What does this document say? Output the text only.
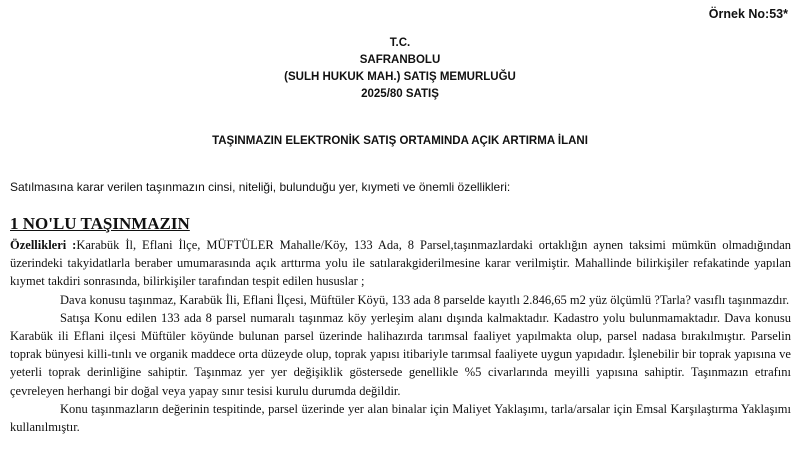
Örnek No:53*
T.C.
SAFRANBOLU
(SULH HUKUK MAH.) SATIŞ MEMURLUĞU
2025/80 SATIŞ
TAŞINMAZIN ELEKTRONİK SATIŞ ORTAMINDA AÇIK ARTIRMA İLANI
Satılmasına karar verilen taşınmazın cinsi, niteliği, bulunduğu yer, kıymeti ve önemli özellikleri:
1 NO'LU TAŞINMAZIN

Özellikleri :Karabük İl, Eflani İlçe, MÜFTÜLER Mahalle/Köy, 133 Ada, 8 Parsel,taşınmazlardaki ortaklığın aynen taksimi mümkün olmadığından üzerindeki takyidatlarla beraber umumarasında açık arttırma yolu ile satılarakgiderilmesine karar verilmiştir. Mahallinde bilirkişiler refakatinde yapılan kıymet takdiri sonrasında, bilirkişiler tarafından tespit edilen hususlar ;

Dava konusu taşınmaz, Karabük İli, Eflani İlçesi, Müftüler Köyü, 133 ada 8 parselde kayıtlı 2.846,65 m2 yüz ölçümlü ?Tarla? vasıflı taşınmazdır.

Satışa Konu edilen 133 ada 8 parsel numaralı taşınmaz köy yerleşim alanı dışında kalmaktadır. Kadastro yolu bulunmamaktadır. Dava konusu Karabük ili Eflani ilçesi Müftüler köyünde bulunan parsel üzerinde halihazırda tarımsal faaliyet yapılmakta olup, parsel nadasa bırakılmıştır. Parselin toprak bünyesi killi-tınlı ve organik maddece orta düzeyde olup, toprak yapısı itibariyle tarımsal faaliyete uygun yapıdadır. İşlenebilir bir toprak yapısına ve yeterli toprak derinliğine sahiptir. Taşınmaz yer yer değişiklik göstersede genellikle %5 civarlarında meyilli yapısına sahiptir. Taşınmazın etrafını çevreleyen herhangi bir doğal veya yapay sınır tesisi kurulu durumda değildir.

Konu taşınmazların değerinin tespitinde, parsel üzerinde yer alan binalar için Maliyet Yaklaşımı, tarla/arsalar için Emsal Karşılaştırma Yaklaşımı kullanılmıştır.
